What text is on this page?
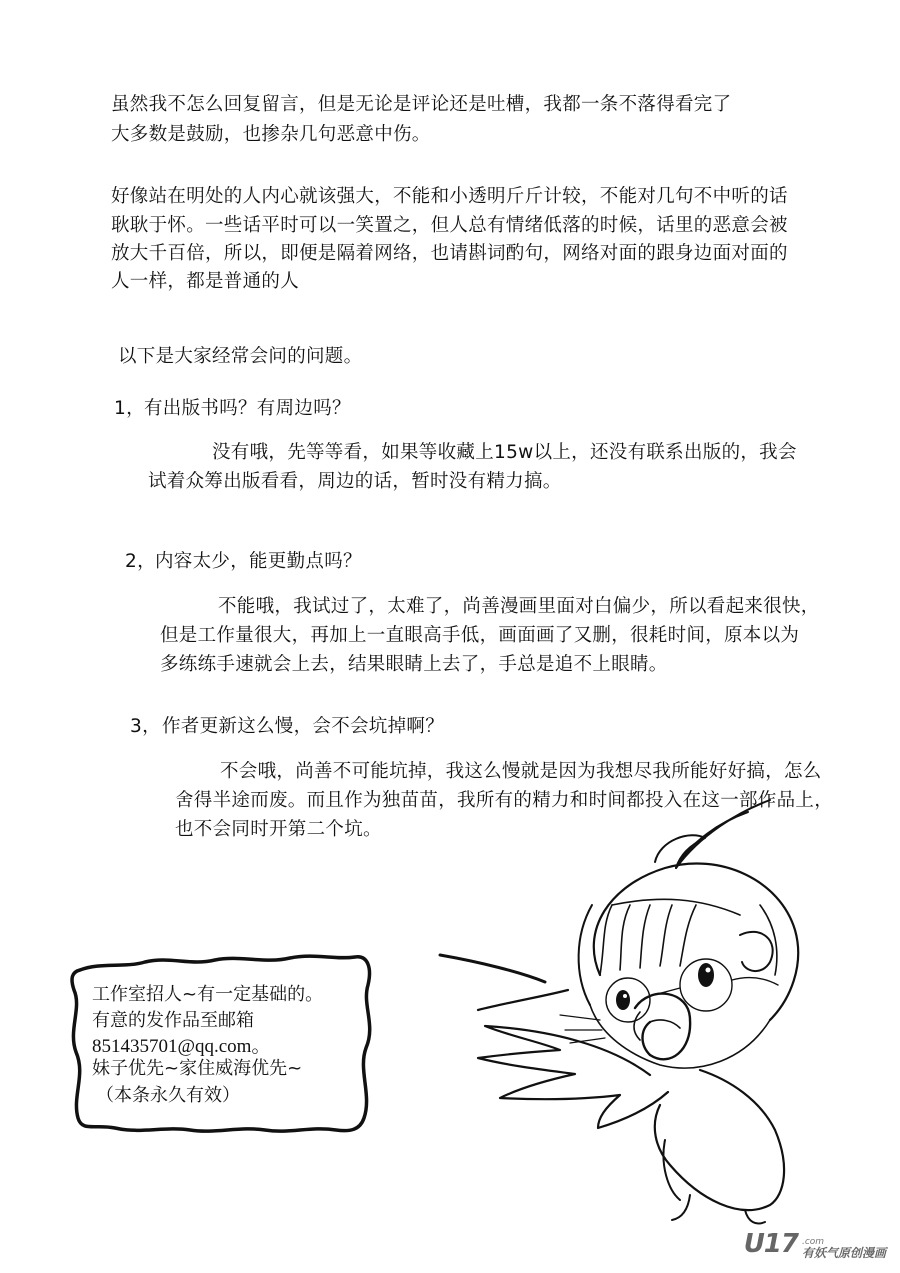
虽然我不怎么回复留言，但是无论是评论还是吐槽，我都一条不落得看完了
大多数是鼓励，也掺杂几句恶意中伤。
好像站在明处的人内心就该强大，不能和小透明斤斤计较，不能对几句不中听的话
耿耿于怀。一些话平时可以一笑置之，但人总有情绪低落的时候，话里的恶意会被
放大千百倍，所以，即便是隔着网络，也请斟词酌句，网络对面的跟身边面对面的
人一样，都是普通的人
以下是大家经常会问的问题。
1， 有出版书吗？有周边吗？
没有哦，先等等看，如果等收藏上15w以上，还没有联系出版的，我会
试着众筹出版看看，周边的话，暂时没有精力搞。
2， 内容太少，能更勤点吗？
不能哦，我试过了，太难了，尚善漫画里面对白偏少，所以看起来很快，
但是工作量很大，再加上一直眼高手低，画面画了又删，很耗时间，原本以为
多练练手速就会上去，结果眼睛上去了，手总是追不上眼睛。
3， 作者更新这么慢，会不会坑掉啊？
不会哦，尚善不可能坑掉，我这么慢就是因为我想尽我所能好好搞，怎么
舍得半途而废。而且作为独苗苗，我所有的精力和时间都投入在这一部作品上，
也不会同时开第二个坑。
工作室招人~有一定基础的。
有意的发作品至邮箱
851435701@qq.com。
妹子优先~家住威海优先~
（本条永久有效）
U17 .com
有妖气原创漫画
